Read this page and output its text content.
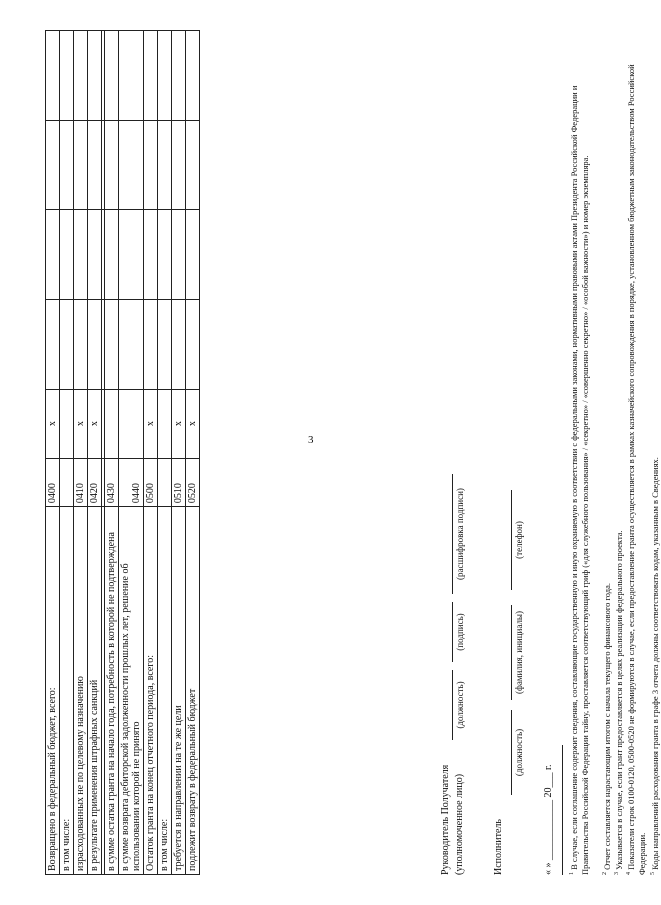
3
Возвращено в федеральный бюджет, всего:	0400	x				
в том числе:						
израсходованных не по целевому назначению	0410	x				
в результате применения штрафных санкций	0420	x				

в сумме остатка гранта на начало года, потребность в которой не подтверждена	0430					
в сумме возврата дебиторской задолженности прошлых лет, решение об использовании которой не принято	0440					
Остаток гранта на конец отчетного периода, всего:	0500	x				
в том числе:						
требуется в направлении на те же цели	0510	x				
подлежит возврату в федеральный бюджет	0520	x				
Руководитель Получателя (уполномоченное лицо)
(должность)
(подпись)
(расшифровка подписи)
Исполнитель
(должность)
(фамилия, инициалы)
(телефон)
« » ____________ 20___ г.	$^1$ В случае, если соглашение содержит сведения, составляющие государственную и иную охраняемую в соответствии с федеральными законами, нормативными правовыми актами Президента Российской Федерации и Правительства Российской Федерации тайну, проставляется соответствующий гриф («для служебного пользования» / «секретно» / «совершенно секретно» / «особой важности») и номер экземпляра.	$^2$ Отчет составляется нарастающим итогом с начала текущего финансового года.
$^3$ Указывается в случае, если грант предоставляется в целях реализации федерального проекта.
$^4$ Показатели строк 0100-0120, 0500-0520 не формируются в случае, если предоставление гранта осуществляется в рамках казначейского сопровождения в порядке, установленном бюджетным законодательством Российской Федерации. $^5$ Коды направлений расходования гранта в графе 3 отчета должны соответствовать кодам, указанным в Сведениях.
